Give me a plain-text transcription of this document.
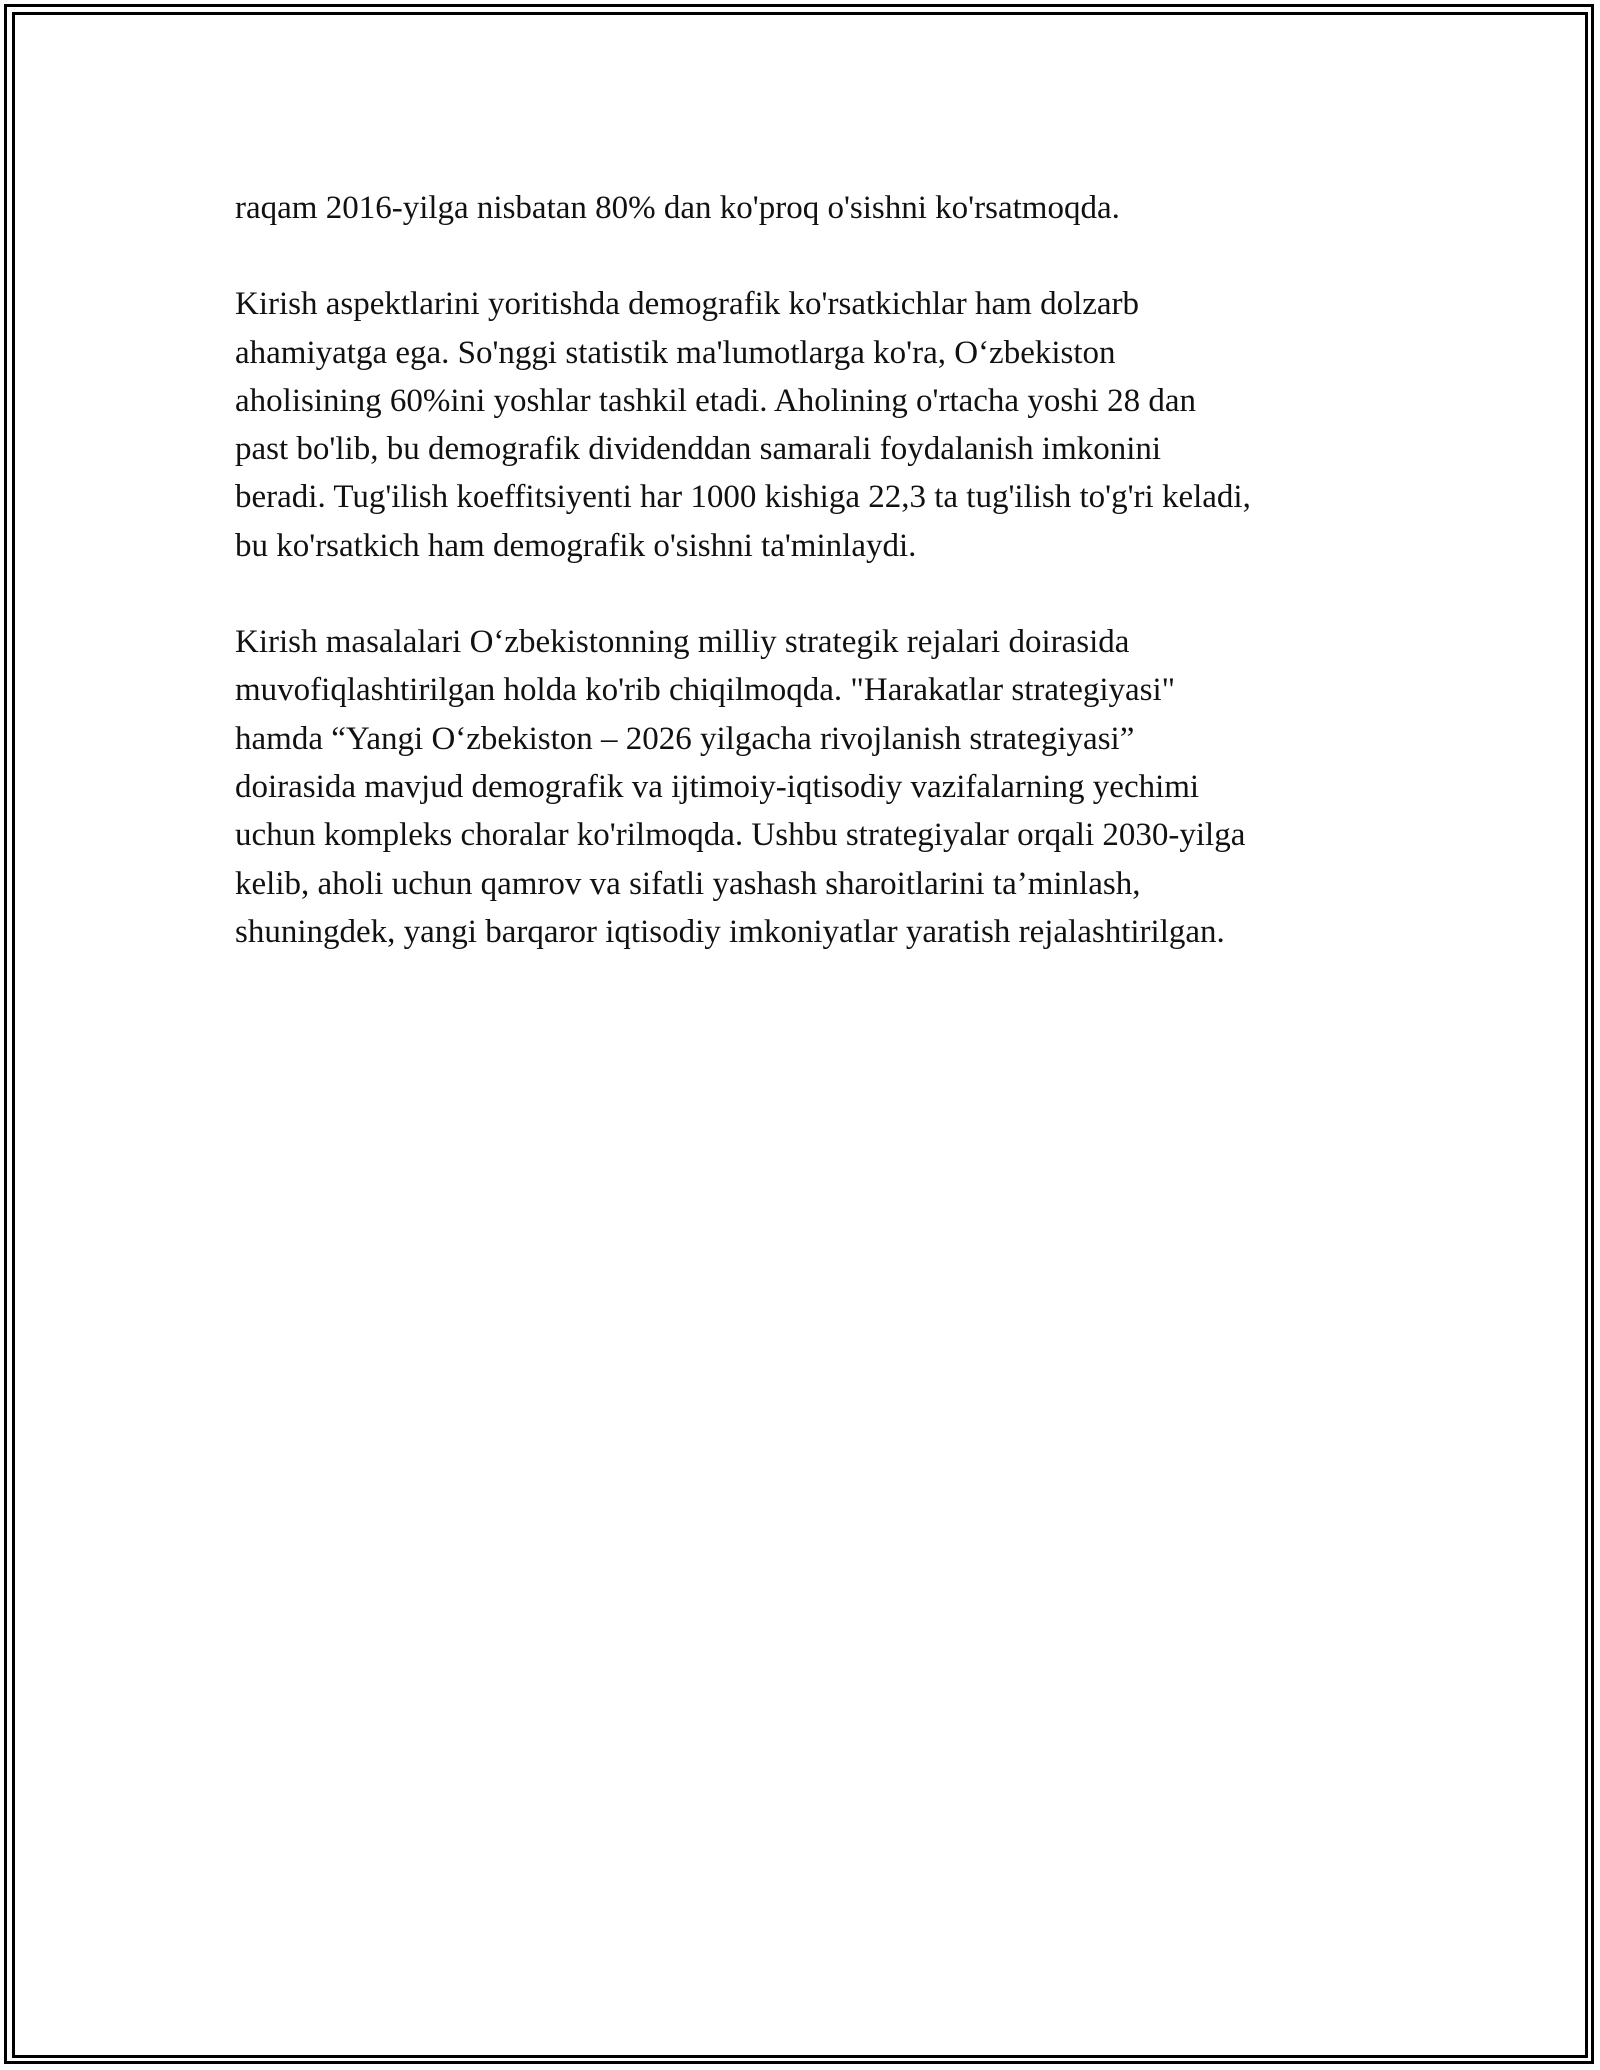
raqam 2016-yilga nisbatan 80% dan ko'proq o'sishni ko'rsatmoqda.

Kirish aspektlarini yoritishda demografik ko'rsatkichlar ham dolzarb
ahamiyatga ega. So'nggi statistik ma'lumotlarga ko'ra, O‘zbekiston
aholisining 60%ini yoshlar tashkil etadi. Aholining o'rtacha yoshi 28 dan
past bo'lib, bu demografik dividenddan samarali foydalanish imkonini
beradi. Tug'ilish koeffitsiyenti har 1000 kishiga 22,3 ta tug'ilish to'g'ri keladi,
bu ko'rsatkich ham demografik o'sishni ta'minlaydi.

Kirish masalalari O‘zbekistonning milliy strategik rejalari doirasida
muvofiqlashtirilgan holda ko'rib chiqilmoqda. "Harakatlar strategiyasi"
hamda “Yangi O‘zbekiston – 2026 yilgacha rivojlanish strategiyasi”
doirasida mavjud demografik va ijtimoiy-iqtisodiy vazifalarning yechimi
uchun kompleks choralar ko'rilmoqda. Ushbu strategiyalar orqali 2030-yilga
kelib, aholi uchun qamrov va sifatli yashash sharoitlarini ta’minlash,
shuningdek, yangi barqaror iqtisodiy imkoniyatlar yaratish rejalashtirilgan.
